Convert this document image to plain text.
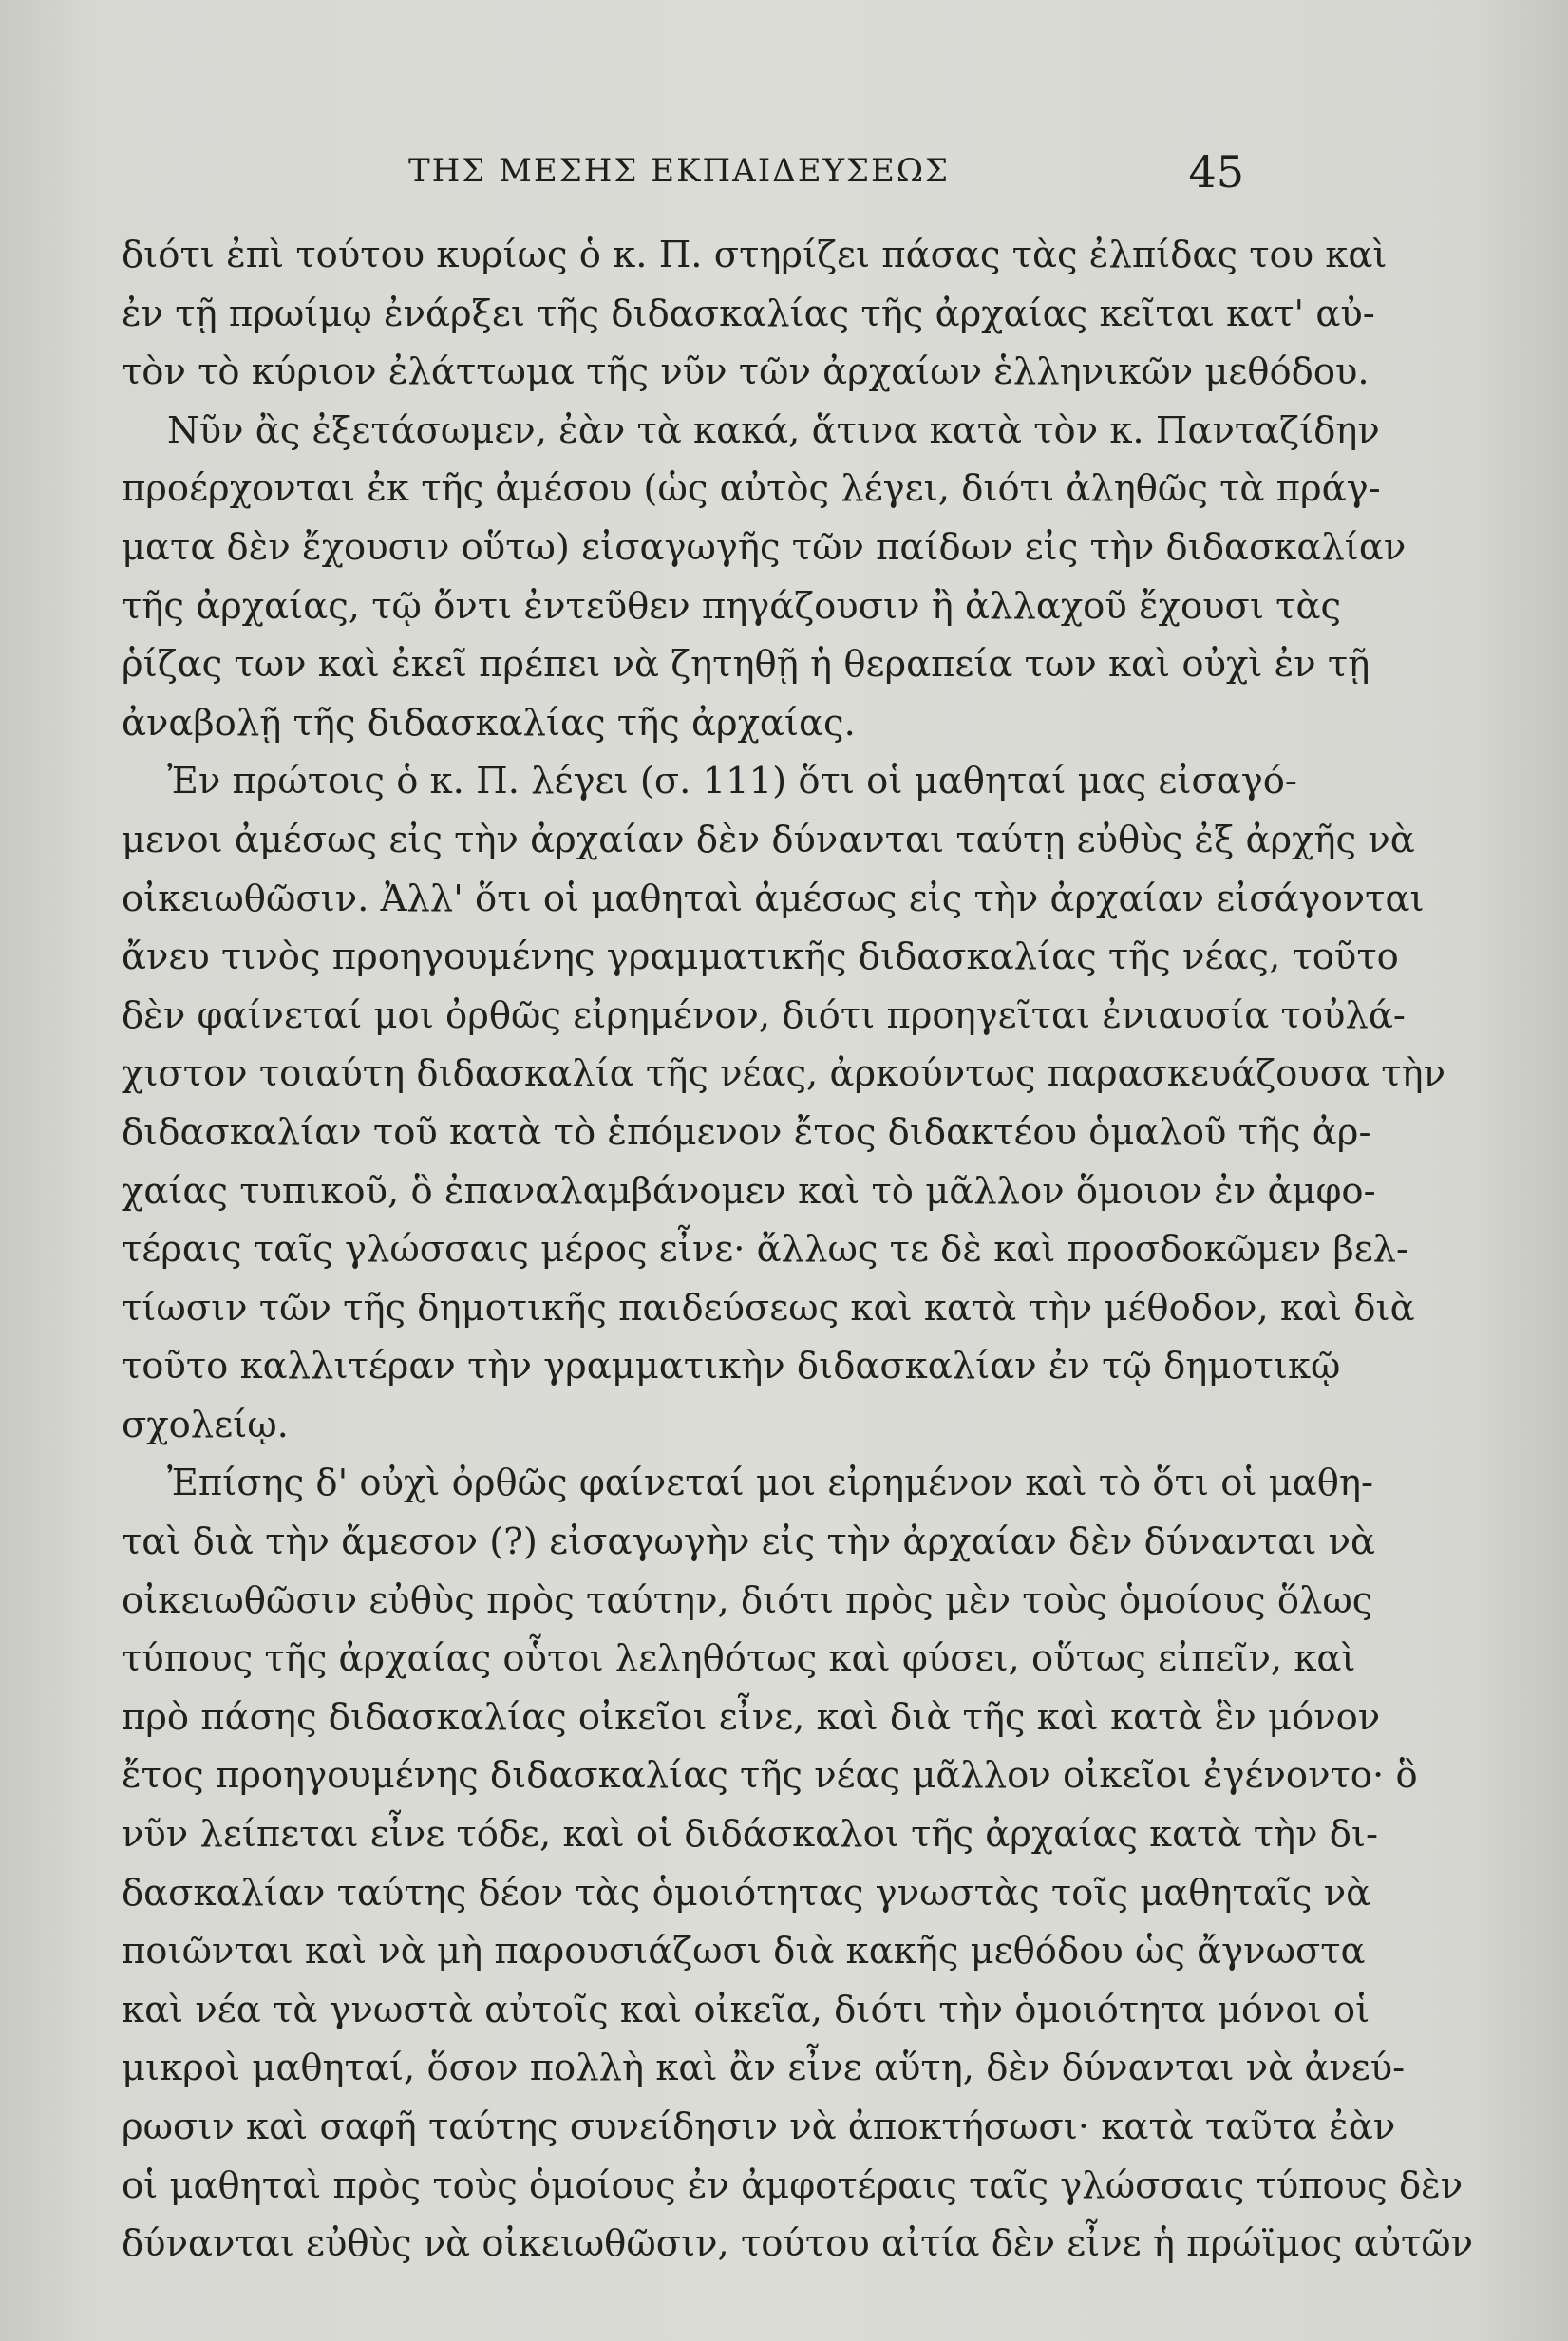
ΤΗΣ ΜΕΣΗΣ ΕΚΠΑΙΔΕΥΣΕΩΣ	45
διότι ἐπὶ τούτου κυρίως ὁ κ. Π. στηρίζει πάσας τὰς ἐλπίδας του καὶ
ἐν τῇ πρωίμῳ ἐνάρξει τῆς διδασκαλίας τῆς ἀρχαίας κεῖται κατ' αὐ-
τὸν τὸ κύριον ἐλάττωμα τῆς νῦν τῶν ἀρχαίων ἑλληνικῶν μεθόδου.
Νῦν ἂς ἐξετάσωμεν, ἐὰν τὰ κακά, ἅτινα κατὰ τὸν κ. Πανταζίδην
προέρχονται ἐκ τῆς ἀμέσου (ὡς αὐτὸς λέγει, διότι ἀληθῶς τὰ πράγ-
ματα δὲν ἔχουσιν οὕτω) εἰσαγωγῆς τῶν παίδων εἰς τὴν διδασκαλίαν
τῆς ἀρχαίας, τῷ ὄντι ἐντεῦθεν πηγάζουσιν ἢ ἀλλαχοῦ ἔχουσι τὰς
ῥίζας των καὶ ἐκεῖ πρέπει νὰ ζητηθῇ ἡ θεραπεία των καὶ οὐχὶ ἐν τῇ
ἀναβολῇ τῆς διδασκαλίας τῆς ἀρχαίας.
Ἐν πρώτοις ὁ κ. Π. λέγει (σ. 111) ὅτι οἱ μαθηταί μας εἰσαγό-
μενοι ἀμέσως εἰς τὴν ἀρχαίαν δὲν δύνανται ταύτῃ εὐθὺς ἐξ ἀρχῆς νὰ
οἰκειωθῶσιν. Ἀλλ' ὅτι οἱ μαθηταὶ ἀμέσως εἰς τὴν ἀρχαίαν εἰσάγονται
ἄνευ τινὸς προηγουμένης γραμματικῆς διδασκαλίας τῆς νέας, τοῦτο
δὲν φαίνεταί μοι ὀρθῶς εἰρημένον, διότι προηγεῖται ἐνιαυσία τοὐλά-
χιστον τοιαύτη διδασκαλία τῆς νέας, ἀρκούντως παρασκευάζουσα τὴν
διδασκαλίαν τοῦ κατὰ τὸ ἑπόμενον ἔτος διδακτέου ὁμαλοῦ τῆς ἀρ-
χαίας τυπικοῦ, ὃ ἐπαναλαμβάνομεν καὶ τὸ μᾶλλον ὅμοιον ἐν ἀμφο-
τέραις ταῖς γλώσσαις μέρος εἶνε· ἄλλως τε δὲ καὶ προσδοκῶμεν βελ-
τίωσιν τῶν τῆς δημοτικῆς παιδεύσεως καὶ κατὰ τὴν μέθοδον, καὶ διὰ
τοῦτο καλλιτέραν τὴν γραμματικὴν διδασκαλίαν ἐν τῷ δημοτικῷ
σχολείῳ.
Ἐπίσης δ' οὐχὶ ὀρθῶς φαίνεταί μοι εἰρημένον καὶ τὸ ὅτι οἱ μαθη-
ταὶ διὰ τὴν ἄμεσον (?) εἰσαγωγὴν εἰς τὴν ἀρχαίαν δὲν δύνανται νὰ
οἰκειωθῶσιν εὐθὺς πρὸς ταύτην, διότι πρὸς μὲν τοὺς ὁμοίους ὅλως
τύπους τῆς ἀρχαίας οὗτοι λεληθότως καὶ φύσει, οὕτως εἰπεῖν, καὶ
πρὸ πάσης διδασκαλίας οἰκεῖοι εἶνε, καὶ διὰ τῆς καὶ κατὰ ἓν μόνον
ἔτος προηγουμένης διδασκαλίας τῆς νέας μᾶλλον οἰκεῖοι ἐγένοντο· ὃ
νῦν λείπεται εἶνε τόδε, καὶ οἱ διδάσκαλοι τῆς ἀρχαίας κατὰ τὴν δι-
δασκαλίαν ταύτης δέον τὰς ὁμοιότητας γνωστὰς τοῖς μαθηταῖς νὰ
ποιῶνται καὶ νὰ μὴ παρουσιάζωσι διὰ κακῆς μεθόδου ὡς ἄγνωστα
καὶ νέα τὰ γνωστὰ αὐτοῖς καὶ οἰκεῖα, διότι τὴν ὁμοιότητα μόνοι οἱ
μικροὶ μαθηταί, ὅσον πολλὴ καὶ ἂν εἶνε αὕτη, δὲν δύνανται νὰ ἀνεύ-
ρωσιν καὶ σαφῆ ταύτης συνείδησιν νὰ ἀποκτήσωσι· κατὰ ταῦτα ἐὰν
οἱ μαθηταὶ πρὸς τοὺς ὁμοίους ἐν ἀμφοτέραις ταῖς γλώσσαις τύπους δὲν
δύνανται εὐθὺς νὰ οἰκειωθῶσιν, τούτου αἰτία δὲν εἶνε ἡ πρώϊμος αὐτῶν
